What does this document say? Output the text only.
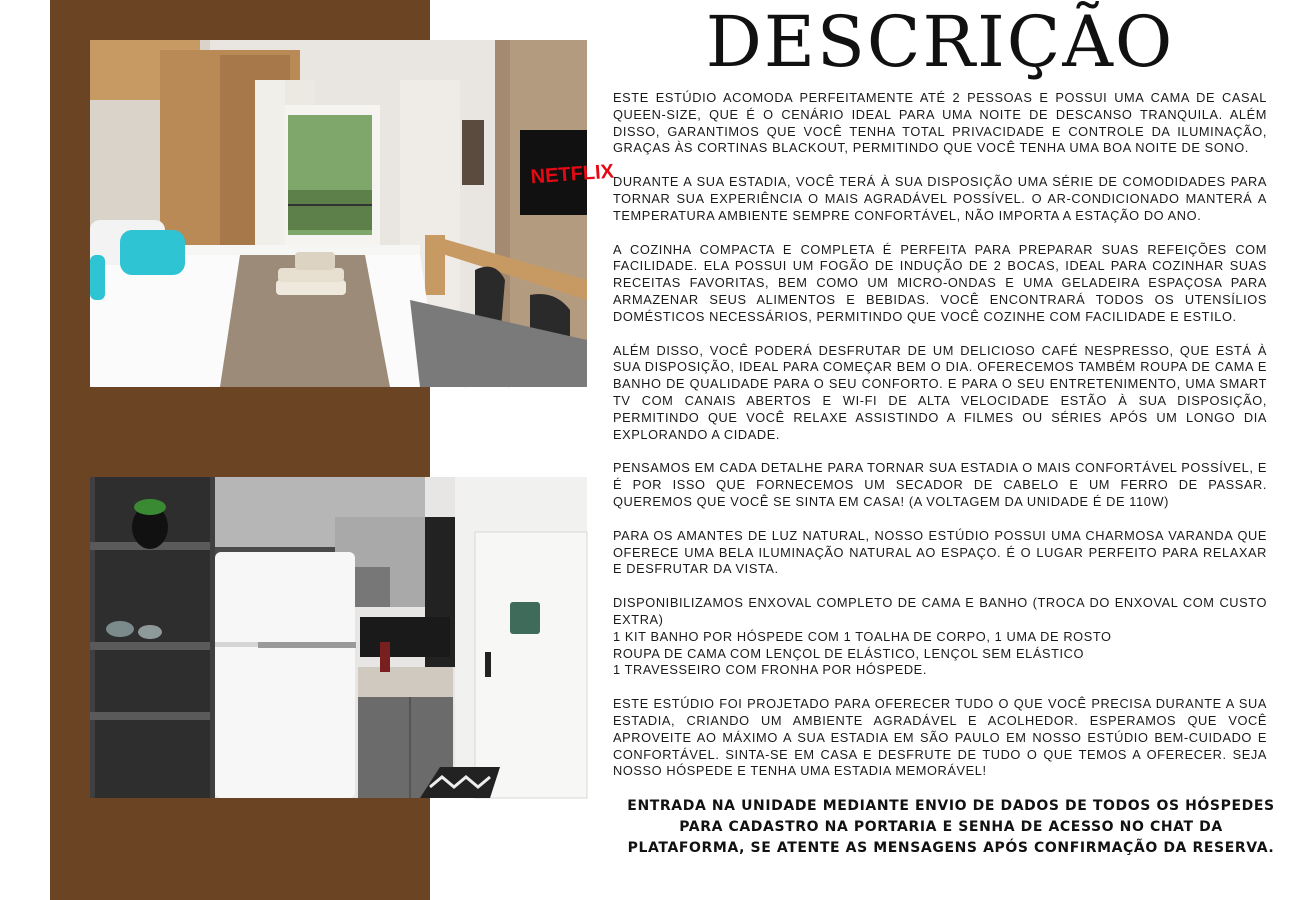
NETFLIX
DESCRIÇÃO

ESTE ESTÚDIO ACOMODA PERFEITAMENTE ATÉ 2 PESSOAS E POSSUI UMA CAMA DE CASAL QUEEN-SIZE, QUE É O CENÁRIO IDEAL PARA UMA NOITE DE DESCANSO TRANQUILA. ALÉM DISSO, GARANTIMOS QUE VOCÊ TENHA TOTAL PRIVACIDADE E CONTROLE DA ILUMINAÇÃO, GRAÇAS ÀS CORTINAS BLACKOUT, PERMITINDO QUE VOCÊ TENHA UMA BOA NOITE DE SONO.

DURANTE A SUA ESTADIA, VOCÊ TERÁ À SUA DISPOSIÇÃO UMA SÉRIE DE COMODIDADES PARA TORNAR SUA EXPERIÊNCIA O MAIS AGRADÁVEL POSSÍVEL. O AR-CONDICIONADO MANTERÁ A TEMPERATURA AMBIENTE SEMPRE CONFORTÁVEL, NÃO IMPORTA A ESTAÇÃO DO ANO.

A COZINHA COMPACTA E COMPLETA É PERFEITA PARA PREPARAR SUAS REFEIÇÕES COM FACILIDADE. ELA POSSUI UM FOGÃO DE INDUÇÃO DE 2 BOCAS, IDEAL PARA COZINHAR SUAS RECEITAS FAVORITAS, BEM COMO UM MICRO-ONDAS E UMA GELADEIRA ESPAÇOSA PARA ARMAZENAR SEUS ALIMENTOS E BEBIDAS. VOCÊ ENCONTRARÁ TODOS OS UTENSÍLIOS DOMÉSTICOS NECESSÁRIOS, PERMITINDO QUE VOCÊ COZINHE COM FACILIDADE E ESTILO.

ALÉM DISSO, VOCÊ PODERÁ DESFRUTAR DE UM DELICIOSO CAFÉ NESPRESSO, QUE ESTÁ À SUA DISPOSIÇÃO, IDEAL PARA COMEÇAR BEM O DIA. OFERECEMOS TAMBÉM ROUPA DE CAMA E BANHO DE QUALIDADE PARA O SEU CONFORTO. E PARA O SEU ENTRETENIMENTO, UMA SMART TV COM CANAIS ABERTOS E WI-FI DE ALTA VELOCIDADE ESTÃO À SUA DISPOSIÇÃO, PERMITINDO QUE VOCÊ RELAXE ASSISTINDO A FILMES OU SÉRIES APÓS UM LONGO DIA EXPLORANDO A CIDADE.

PENSAMOS EM CADA DETALHE PARA TORNAR SUA ESTADIA O MAIS CONFORTÁVEL POSSÍVEL, E É POR ISSO QUE FORNECEMOS UM SECADOR DE CABELO E UM FERRO DE PASSAR. QUEREMOS QUE VOCÊ SE SINTA EM CASA! (A VOLTAGEM DA UNIDADE É DE 110W)

PARA OS AMANTES DE LUZ NATURAL, NOSSO ESTÚDIO POSSUI UMA CHARMOSA VARANDA QUE OFERECE UMA BELA ILUMINAÇÃO NATURAL AO ESPAÇO. É O LUGAR PERFEITO PARA RELAXAR E DESFRUTAR DA VISTA.

DISPONIBILIZAMOS ENXOVAL COMPLETO DE CAMA E BANHO (TROCA DO ENXOVAL COM CUSTO EXTRA)

1 KIT BANHO POR HÓSPEDE COM 1 TOALHA DE CORPO, 1 UMA DE ROSTO

ROUPA DE CAMA COM LENÇOL DE ELÁSTICO, LENÇOL SEM ELÁSTICO

1 TRAVESSEIRO COM FRONHA POR HÓSPEDE.

ESTE ESTÚDIO FOI PROJETADO PARA OFERECER TUDO O QUE VOCÊ PRECISA DURANTE A SUA ESTADIA, CRIANDO UM AMBIENTE AGRADÁVEL E ACOLHEDOR. ESPERAMOS QUE VOCÊ APROVEITE AO MÁXIMO A SUA ESTADIA EM SÃO PAULO EM NOSSO ESTÚDIO BEM-CUIDADO E CONFORTÁVEL. SINTA-SE EM CASA E DESFRUTE DE TUDO O QUE TEMOS A OFERECER. SEJA NOSSO HÓSPEDE E TENHA UMA ESTADIA MEMORÁVEL!

ENTRADA NA UNIDADE MEDIANTE ENVIO DE DADOS DE TODOS OS HÓSPEDES PARA CADASTRO NA PORTARIA E SENHA DE ACESSO NO CHAT DA PLATAFORMA, SE ATENTE AS MENSAGENS APÓS CONFIRMAÇÃO DA RESERVA.
